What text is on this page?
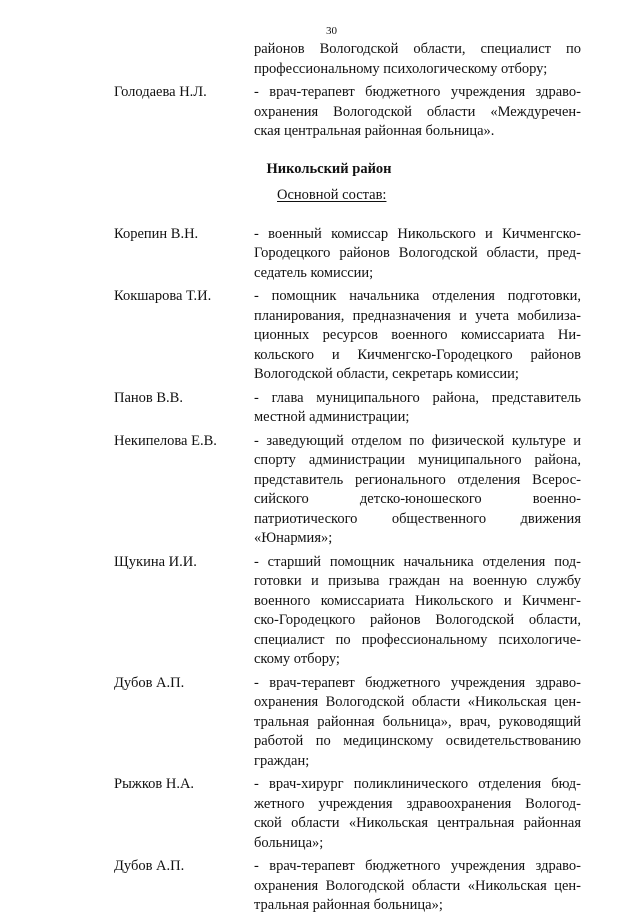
30
районов Вологодской области, специалист по
профессиональному психологическому отбору;
Голодаева Н.Л.	- врач-терапевт бюджетного учреждения здраво-
охранения Вологодской области «Междуречен-
ская центральная районная больница».
Никольский район
Основной состав:
Корепин В.Н.	- военный комиссар Никольского и Кичменгско-
Городецкого районов Вологодской области, пред-
седатель комиссии;
Кокшарова Т.И.	- помощник начальника отделения подготовки,
планирования, предназначения и учета мобилиза-
ционных ресурсов военного комиссариата Ни-
кольского и Кичменгско-Городецкого районов
Вологодской области, секретарь комиссии;
Панов В.В.	- глава муниципального района, представитель
местной администрации;
Некипелова Е.В.	- заведующий отделом по физической культуре и
спорту администрации муниципального района,
представитель регионального отделения Всерос-
сийского детско-юношеского военно-
патриотического общественного движения
«Юнармия»;
Щукина И.И.	- старший помощник начальника отделения под-
готовки и призыва граждан на военную службу
военного комиссариата Никольского и Кичменг-
ско-Городецкого районов Вологодской области,
специалист по профессиональному психологиче-
скому отбору;
Дубов А.П.	- врач-терапевт бюджетного учреждения здраво-
охранения Вологодской области «Никольская цен-
тральная районная больница», врач, руководящий
работой по медицинскому освидетельствованию
граждан;
Рыжков Н.А.	- врач-хирург поликлинического отделения бюд-
жетного учреждения здравоохранения Вологод-
ской области «Никольская центральная районная
больница»;
Дубов А.П.	- врач-терапевт бюджетного учреждения здраво-
охранения Вологодской области «Никольская цен-
тральная районная больница»;
